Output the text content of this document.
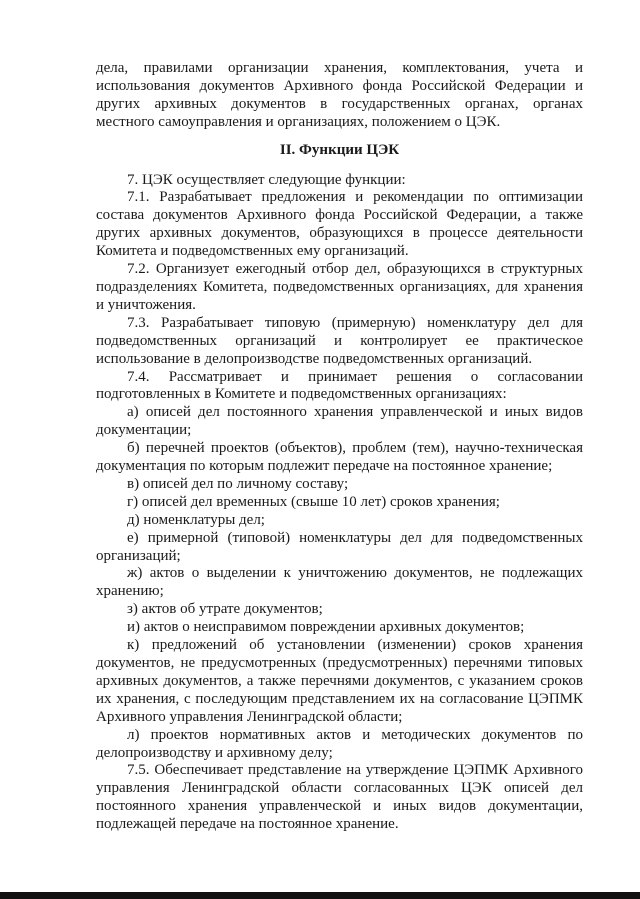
дела, правилами организации хранения, комплектования, учета и
использования документов Архивного фонда Российской Федерации и
других архивных документов в государственных органах, органах
местного самоуправления и организациях, положением о ЦЭК.
II. Функции ЦЭК
7. ЦЭК осуществляет следующие функции:
7.1. Разрабатывает предложения и рекомендации по оптимизации
состава документов Архивного фонда Российской Федерации, а также
других архивных документов, образующихся в процессе деятельности
Комитета и подведомственных ему организаций.
7.2. Организует ежегодный отбор дел, образующихся в структурных
подразделениях Комитета, подведомственных организациях, для хранения
и уничтожения.
7.3. Разрабатывает типовую (примерную) номенклатуру дел для
подведомственных организаций и контролирует ее практическое
использование в делопроизводстве подведомственных организаций.
7.4. Рассматривает и принимает решения о согласовании
подготовленных в Комитете и подведомственных организациях:
а) описей дел постоянного хранения управленческой и иных видов
документации;
б) перечней проектов (объектов), проблем (тем), научно-техническая
документация по которым подлежит передаче на постоянное хранение;
в) описей дел по личному составу;
г) описей дел временных (свыше 10 лет) сроков хранения;
д) номенклатуры дел;
е) примерной (типовой) номенклатуры дел для подведомственных
организаций;
ж) актов о выделении к уничтожению документов, не подлежащих
хранению;
з) актов об утрате документов;
и) актов о неисправимом повреждении архивных документов;
к) предложений об установлении (изменении) сроков хранения
документов, не предусмотренных (предусмотренных) перечнями типовых
архивных документов, а также перечнями документов, с указанием сроков
их хранения, с последующим представлением их на согласование ЦЭПМК
Архивного управления Ленинградской области;
л) проектов нормативных актов и методических документов по
делопроизводству и архивному делу;
7.5. Обеспечивает представление на утверждение ЦЭПМК Архивного
управления Ленинградской области согласованных ЦЭК описей дел
постоянного хранения управленческой и иных видов документации,
подлежащей передаче на постоянное хранение.
